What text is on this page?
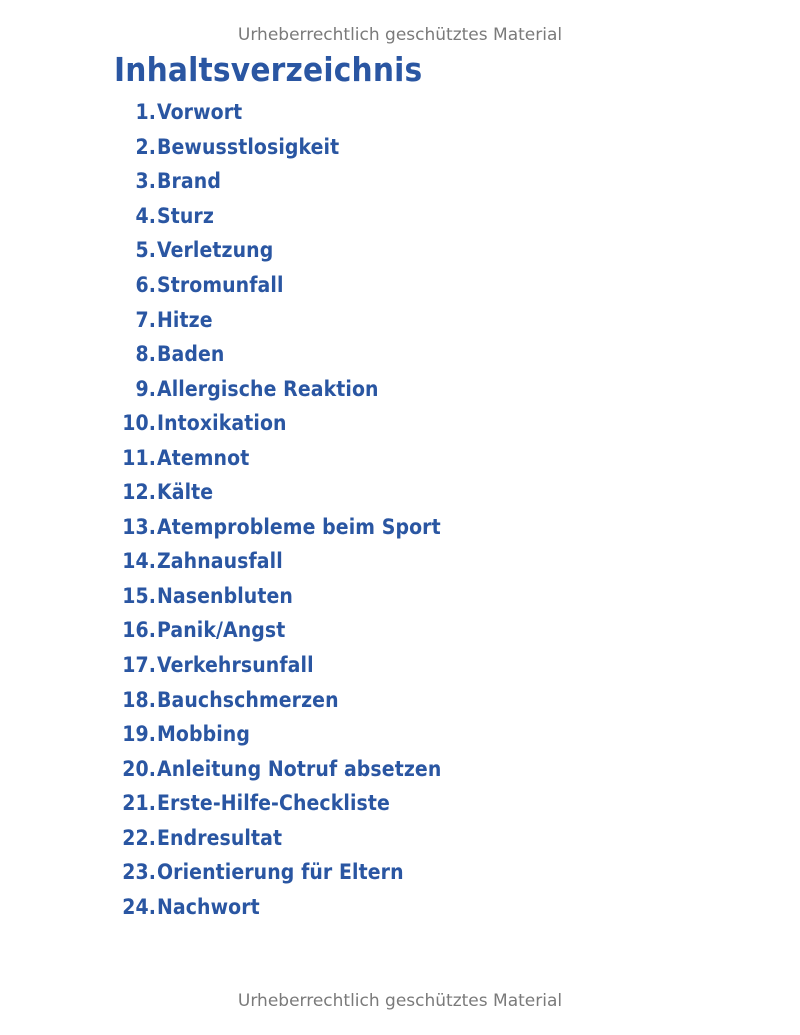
Urheberrechtlich geschütztes Material
Inhaltsverzeichnis
1. Vorwort
2. Bewusstlosigkeit
3. Brand
4. Sturz
5. Verletzung
6. Stromunfall
7. Hitze
8. Baden
9. Allergische Reaktion
10. Intoxikation
11. Atemnot
12. Kälte
13. Atemprobleme beim Sport
14. Zahnausfall
15. Nasenbluten
16. Panik/Angst
17. Verkehrsunfall
18. Bauchschmerzen
19. Mobbing
20. Anleitung Notruf absetzen
21. Erste-Hilfe-Checkliste
22. Endresultat
23. Orientierung für Eltern
24. Nachwort
Urheberrechtlich geschütztes Material
